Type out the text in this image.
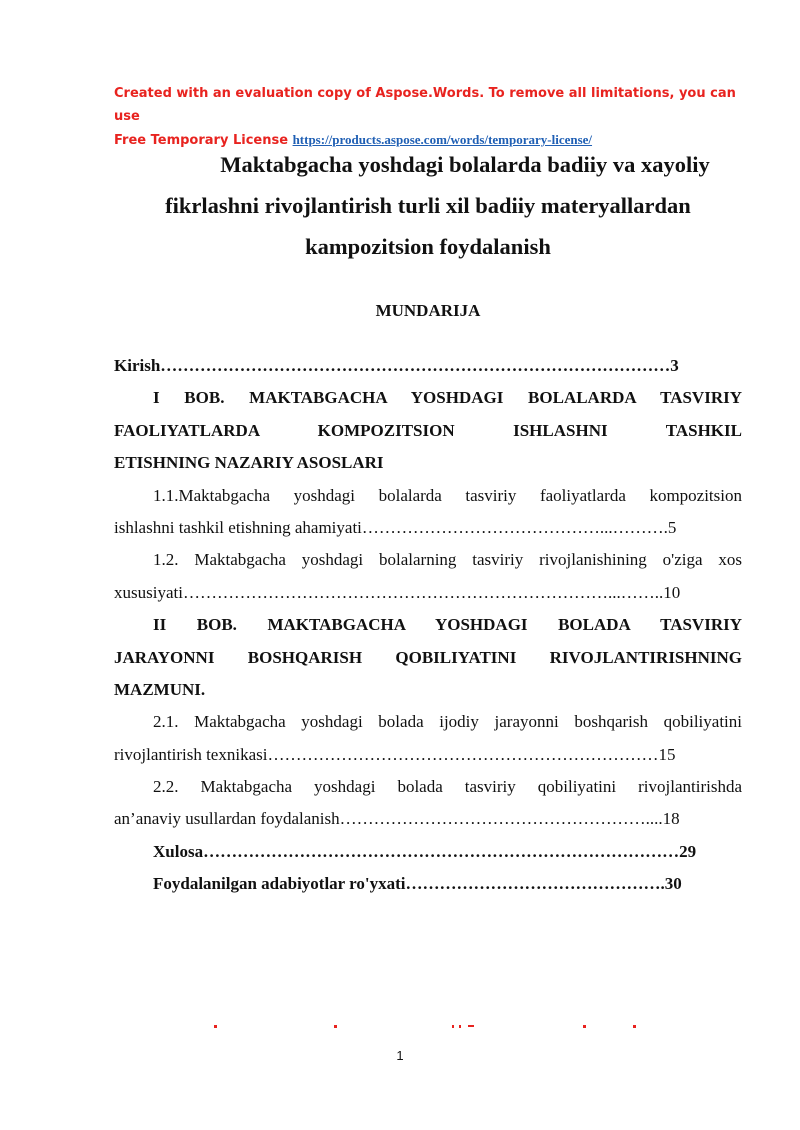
Created with an evaluation copy of Aspose.Words. To remove all limitations, you can use
Free Temporary License https://products.aspose.com/words/temporary-license/
Maktabgacha yoshdagi bolalarda badiiy va xayoliy
fikrlashni rivojlantirish turli xil badiiy materyallardan
kampozitsion foydalanish
MUNDARIJA
Kirish………………………………………………………………………………3
I BOB. MAKTABGACHA YOSHDAGI BOLALARDA TASVIRIY
FAOLIYATLARDA KOMPOZITSION ISHLASHNI TASHKIL
ETISHNING NAZARIY ASOSLARI
1.1.Maktabgacha yoshdagi bolalarda tasviriy faoliyatlarda kompozitsion
ishlashni tashkil etishning ahamiyati……………………………………...……….5
1.2. Maktabgacha yoshdagi bolalarning tasviriy rivojlanishining o'ziga xos
xususiyati…………………………………………………………………...……..10
II BOB. MAKTABGACHA YOSHDAGI BOLADA TASVIRIY
JARAYONNI BOSHQARISH QOBILIYATINI RIVOJLANTIRISHNING
MAZMUNI.
2.1. Maktabgacha yoshdagi bolada ijodiy jarayonni boshqarish qobiliyatini
rivojlantirish texnikasi……………………………………………………………15
2.2. Maktabgacha yoshdagi bolada tasviriy qobiliyatini rivojlantirishda
an’anaviy usullardan foydalanish………………………………………………....18
Xulosa…………………………………………………………………………29
Foydalanilgan adabiyotlar ro'yxati……………………………………….30
1
